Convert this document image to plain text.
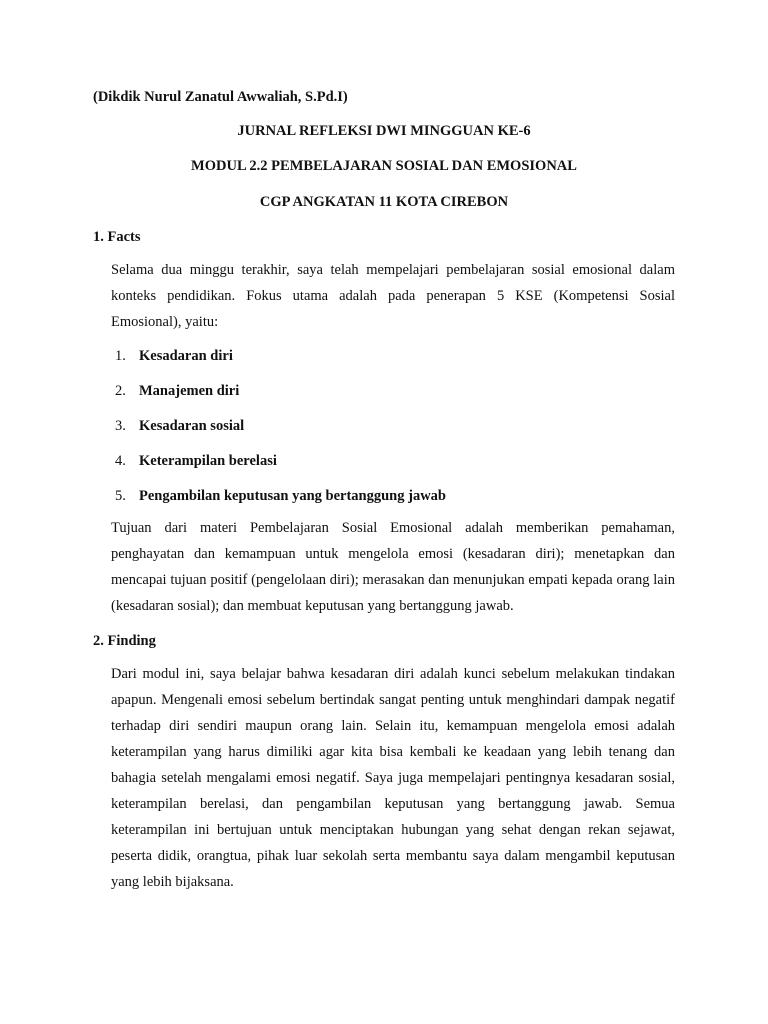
(Dikdik Nurul Zanatul Awwaliah, S.Pd.I)
JURNAL REFLEKSI DWI MINGGUAN KE-6
MODUL 2.2 PEMBELAJARAN SOSIAL DAN EMOSIONAL
CGP ANGKATAN 11 KOTA CIREBON
1. Facts

Selama dua minggu terakhir, saya telah mempelajari pembelajaran sosial emosional dalam konteks pendidikan. Fokus utama adalah pada penerapan 5 KSE (Kompetensi Sosial Emosional), yaitu:

1. Kesadaran diri
2. Manajemen diri
3. Kesadaran sosial
4. Keterampilan berelasi
5. Pengambilan keputusan yang bertanggung jawab

Tujuan dari materi Pembelajaran Sosial Emosional adalah memberikan pemahaman, penghayatan dan kemampuan untuk mengelola emosi (kesadaran diri); menetapkan dan mencapai tujuan positif (pengelolaan diri); merasakan dan menunjukan empati kepada orang lain (kesadaran sosial); dan membuat keputusan yang bertanggung jawab.

2. Finding

Dari modul ini, saya belajar bahwa kesadaran diri adalah kunci sebelum melakukan tindakan apapun. Mengenali emosi sebelum bertindak sangat penting untuk menghindari dampak negatif terhadap diri sendiri maupun orang lain. Selain itu, kemampuan mengelola emosi adalah keterampilan yang harus dimiliki agar kita bisa kembali ke keadaan yang lebih tenang dan bahagia setelah mengalami emosi negatif. Saya juga mempelajari pentingnya kesadaran sosial, keterampilan berelasi, dan pengambilan keputusan yang bertanggung jawab. Semua keterampilan ini bertujuan untuk menciptakan hubungan yang sehat dengan rekan sejawat, peserta didik, orangtua, pihak luar sekolah serta membantu saya dalam mengambil keputusan yang lebih bijaksana.
